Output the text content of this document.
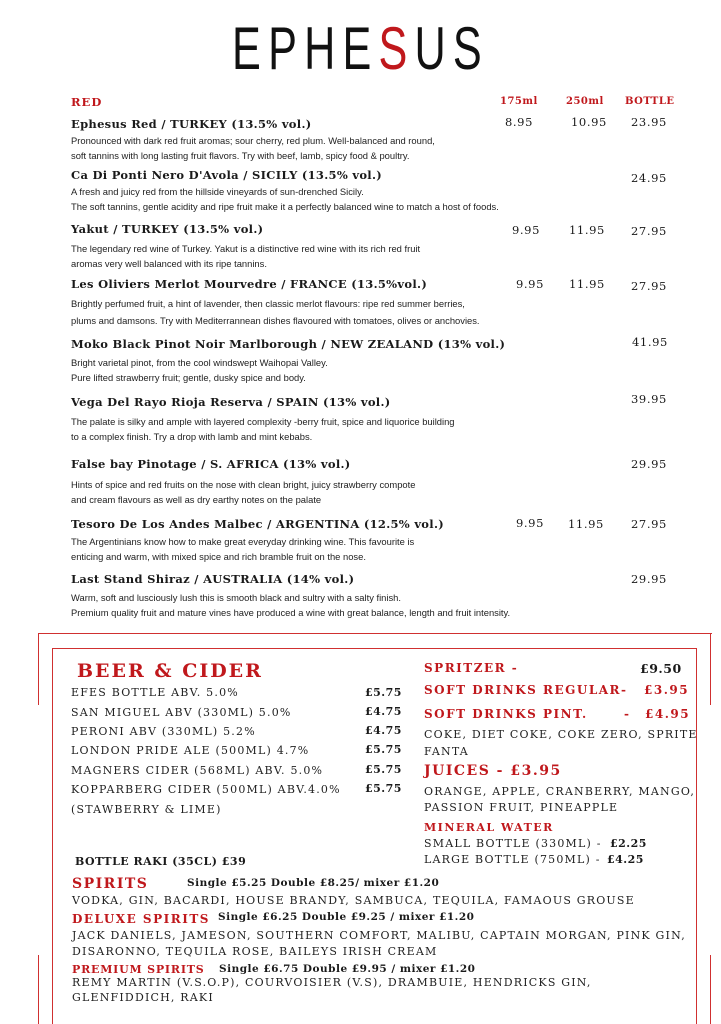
EPHESUS
RED	175ml	250ml BOTTLE
Ephesus Red / TURKEY (13.5% vol.)	8.95	10.95 23.95
Pronounced with dark red fruit aromas; sour cherry, red plum. Well-balanced and round,
soft tannins with long lasting fruit flavors. Try with beef, lamb, spicy food & poultry.
Ca Di Ponti Nero D'Avola / SICILY (13.5% vol.)	24.95
A fresh and juicy red from the hillside vineyards of sun-drenched Sicily.
The soft tannins, gentle acidity and ripe fruit make it a perfectly balanced wine to match a host of foods.
Yakut / TURKEY (13.5% vol.)	9.95	11.95 27.95
The legendary red wine of Turkey. Yakut is a distinctive red wine with its rich red fruit
aromas very well balanced with its ripe tannins.
Les Oliviers Merlot Mourvedre / FRANCE (13.5%vol.)	9.95 11.95 27.95
Brightly perfumed fruit, a hint of lavender, then classic merlot flavours: ripe red summer berries,
plums and damsons. Try with Mediterrannean dishes flavoured with tomatoes, olives or anchovies.
Moko Black Pinot Noir Marlborough / NEW ZEALAND (13% vol.)	41.95
Bright varietal pinot, from the cool windswept Waihopai Valley.
Pure lifted strawberry fruit; gentle, dusky spice and body.
Vega Del Rayo Rioja Reserva / SPAIN (13% vol.)	39.95
The palate is silky and ample with layered complexity -berry fruit, spice and liquorice building
to a complex finish. Try a drop with lamb and mint kebabs.
False bay Pinotage / S. AFRICA (13% vol.)	29.95
Hints of spice and red fruits on the nose with clean bright, juicy strawberry compote
and cream flavours as well as dry earthy notes on the palate
Tesoro De Los Andes Malbec / ARGENTINA (12.5% vol.)	9.95 11.95 27.95
The Argentinians know how to make great everyday drinking wine. This favourite is
enticing and warm, with mixed spice and rich bramble fruit on the nose.
Last Stand Shiraz / AUSTRALIA (14% vol.)	29.95
Warm, soft and lusciously lush this is smooth black and sultry with a salty finish.
Premium quality fruit and mature vines have produced a wine with great balance, length and fruit intensity.
BEER & CIDER
EFES BOTTLE ABV. 5.0%	£5.75
SAN MIGUEL ABV (330ML) 5.0%	£4.75
PERONI ABV (330ML) 5.2%	£4.75
LONDON PRIDE ALE (500ML) 4.7%	£5.75
MAGNERS CIDER (568ML) ABV. 5.0%	£5.75
KOPPARBERG CIDER (500ML) ABV.4.0% £5.75
(STAWBERRY & LIME)
BOTTLE RAKI (35CL) £39
SPRITZER -	£9.50
SOFT DRINKS REGULAR- £3.95
SOFT DRINKS PINT.	- £4.95
COKE, DIET COKE, COKE ZERO, SPRITE
FANTA
JUICES - £3.95
ORANGE, APPLE, CRANBERRY, MANGO,
PASSION FRUIT, PINEAPPLE
MINERAL WATER
SMALL BOTTLE (330ML) - £2.25
LARGE BOTTLE (750ML) - £4.25
SPIRITS	Single £5.25 Double £8.25/ mixer £1.20
VODKA, GIN, BACARDI, HOUSE BRANDY, SAMBUCA, TEQUILA, FAMAOUS GROUSE
DELUXE SPIRITS Single £6.25 Double £9.25 / mixer £1.20
JACK DANIELS, JAMESON, SOUTHERN COMFORT, MALIBU, CAPTAIN MORGAN, PINK GIN,
DISARONNO, TEQUILA ROSE, BAILEYS IRISH CREAM
PREMIUM SPIRITS Single £6.75 Double £9.95 / mixer £1.20
REMY MARTIN (V.S.O.P), COURVOISIER (V.S), DRAMBUIE, HENDRICKS GIN,
GLENFIDDICH, RAKI
